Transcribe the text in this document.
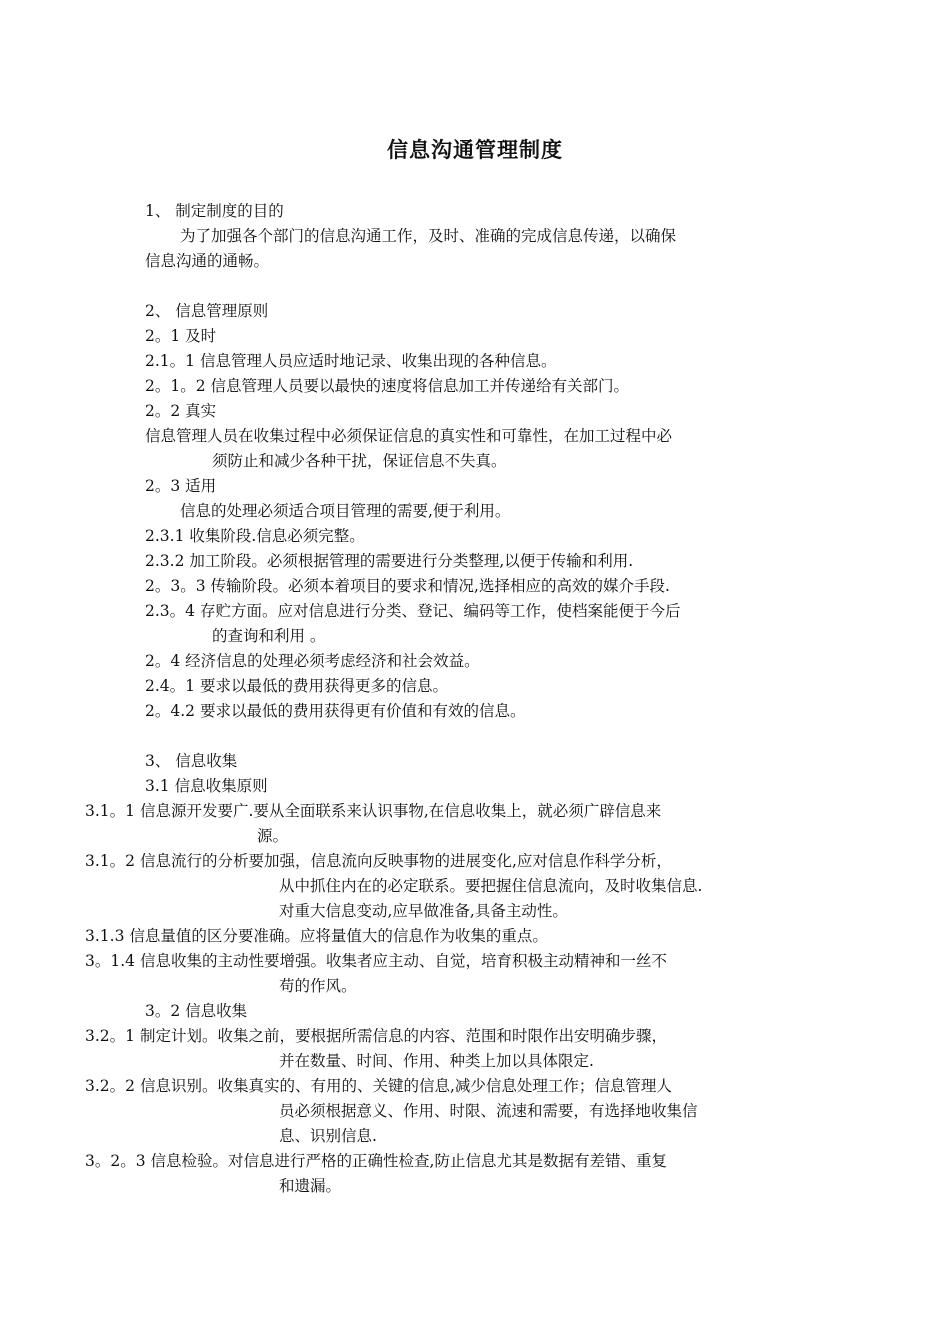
信息沟通管理制度
1、 制定制度的目的
为了加强各个部门的信息沟通工作，及时、准确的完成信息传递，以确保
信息沟通的通畅。
2、 信息管理原则
2。1 及时
2.1。1 信息管理人员应适时地记录、收集出现的各种信息。
2。1。2 信息管理人员要以最快的速度将信息加工并传递给有关部门。
2。2 真实
信息管理人员在收集过程中必须保证信息的真实性和可靠性，在加工过程中必
须防止和减少各种干扰，保证信息不失真。
2。3 适用
信息的处理必须适合项目管理的需要,便于利用。
2.3.1 收集阶段.信息必须完整。
2.3.2 加工阶段。必须根据管理的需要进行分类整理,以便于传输和利用.
2。3。3 传输阶段。必须本着项目的要求和情况,选择相应的高效的媒介手段.
2.3。4 存贮方面。应对信息进行分类、登记、编码等工作，使档案能便于今后
的查询和利用 。
2。4 经济信息的处理必须考虑经济和社会效益。
2.4。1 要求以最低的费用获得更多的信息。
2。4.2 要求以最低的费用获得更有价值和有效的信息。
3、 信息收集
3.1 信息收集原则
3.1。1 信息源开发要广.要从全面联系来认识事物,在信息收集上，就必须广辟信息来
源。
3.1。2 信息流行的分析要加强，信息流向反映事物的进展变化,应对信息作科学分析，
从中抓住内在的必定联系。要把握住信息流向，及时收集信息.
对重大信息变动,应早做准备,具备主动性。
3.1.3 信息量值的区分要准确。应将量值大的信息作为收集的重点。
3。1.4 信息收集的主动性要增强。收集者应主动、自觉，培育积极主动精神和一丝不
苟的作风。
3。2 信息收集
3.2。1 制定计划。收集之前，要根据所需信息的内容、范围和时限作出安明确步骤，
并在数量、时间、作用、种类上加以具体限定.
3.2。2 信息识别。收集真实的、有用的、关键的信息,减少信息处理工作；信息管理人
员必须根据意义、作用、时限、流速和需要，有选择地收集信
息、识别信息.
3。2。3 信息检验。对信息进行严格的正确性检查,防止信息尤其是数据有差错、重复
和遗漏。
